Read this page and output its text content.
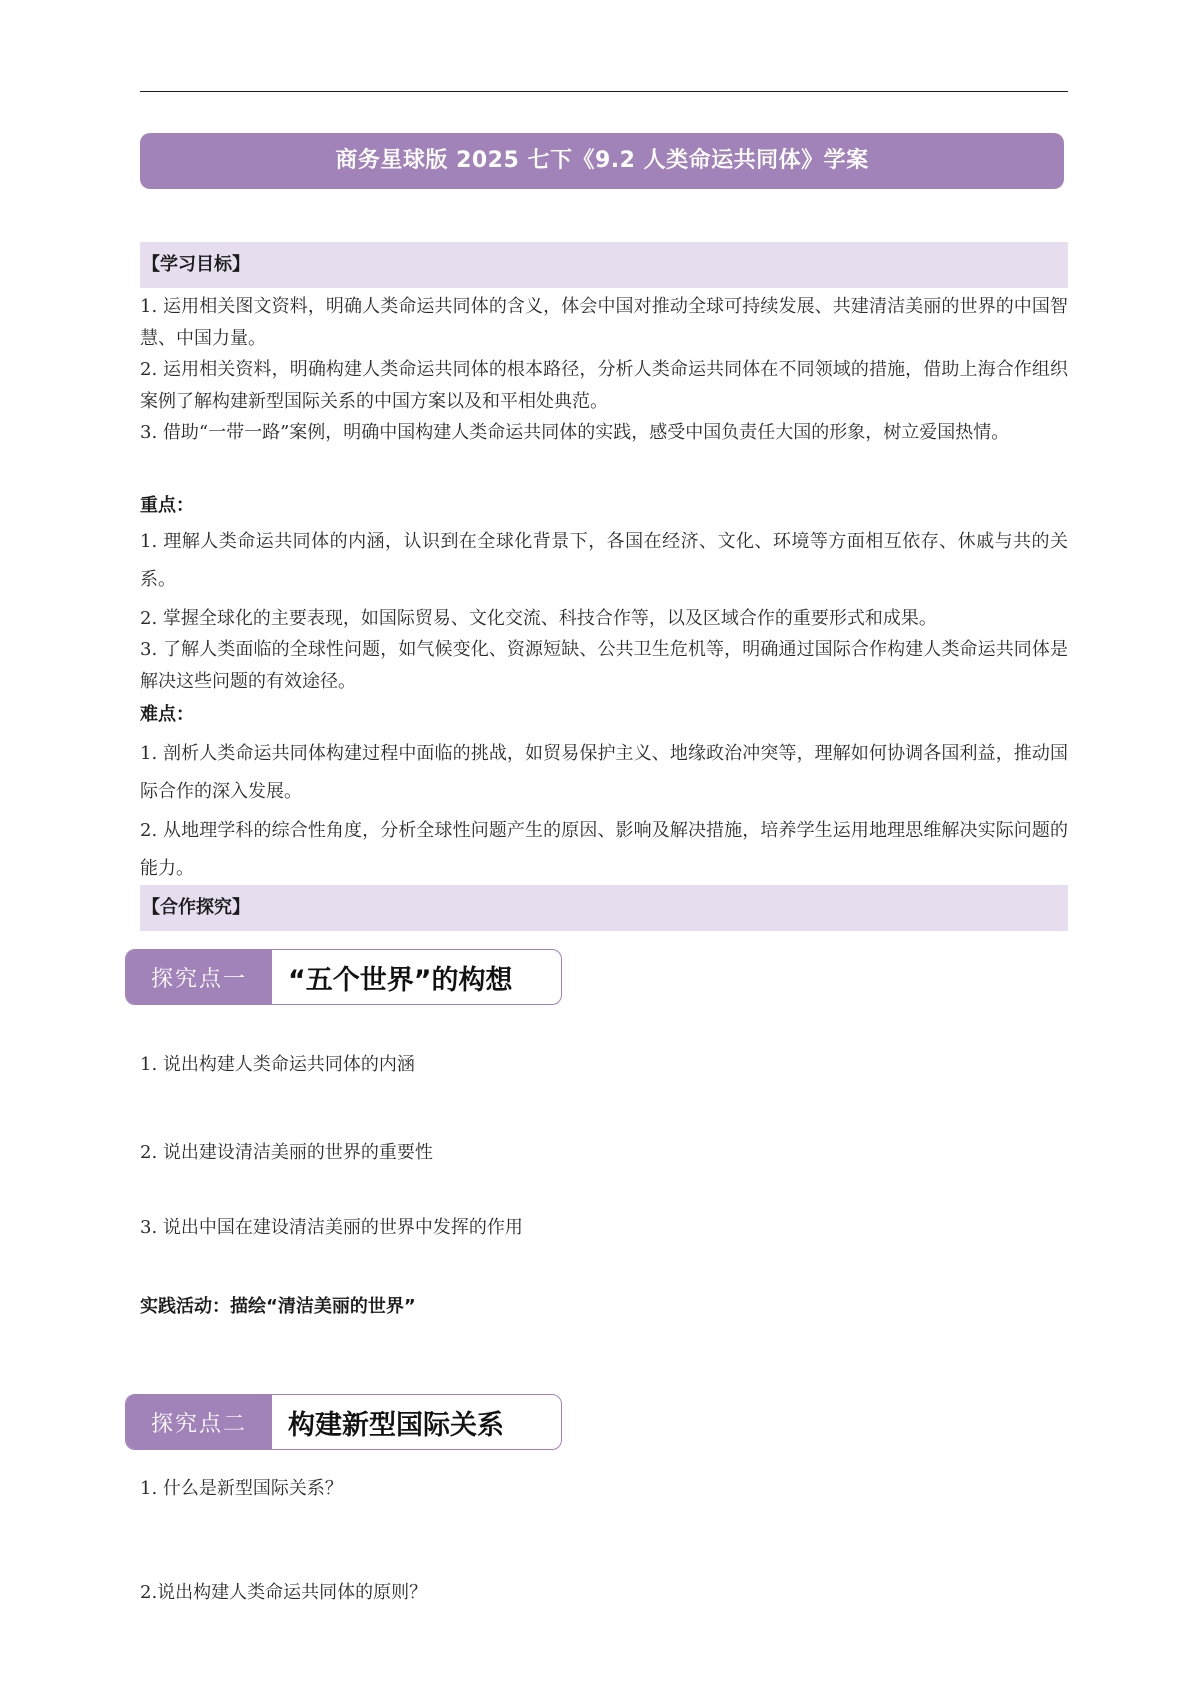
商务星球版 2025 七下《9.2 人类命运共同体》学案
【学习目标】

1. 运用相关图文资料，明确人类命运共同体的含义，体会中国对推动全球可持续发展、共建清洁美丽的世界的中国智慧、中国力量。

2. 运用相关资料，明确构建人类命运共同体的根本路径，分析人类命运共同体在不同领域的措施，借助上海合作组织案例了解构建新型国际关系的中国方案以及和平相处典范。

3. 借助“一带一路”案例，明确中国构建人类命运共同体的实践，感受中国负责任大国的形象，树立爱国热情。

重点：

1. 理解人类命运共同体的内涵，认识到在全球化背景下，各国在经济、文化、环境等方面相互依存、休戚与共的关系。

2. 掌握全球化的主要表现，如国际贸易、文化交流、科技合作等，以及区域合作的重要形式和成果。

3. 了解人类面临的全球性问题，如气候变化、资源短缺、公共卫生危机等，明确通过国际合作构建人类命运共同体是解决这些问题的有效途径。

难点：

1. 剖析人类命运共同体构建过程中面临的挑战，如贸易保护主义、地缘政治冲突等，理解如何协调各国利益，推动国际合作的深入发展。

2. 从地理学科的综合性角度，分析全球性问题产生的原因、影响及解决措施，培养学生运用地理思维解决实际问题的能力。

【合作探究】
探究点一	“五个世界”的构想
1. 说出构建人类命运共同体的内涵
2. 说出建设清洁美丽的世界的重要性
3. 说出中国在建设清洁美丽的世界中发挥的作用
实践活动：描绘“清洁美丽的世界”
探究点二	构建新型国际关系
1. 什么是新型国际关系？
2.说出构建人类命运共同体的原则？
